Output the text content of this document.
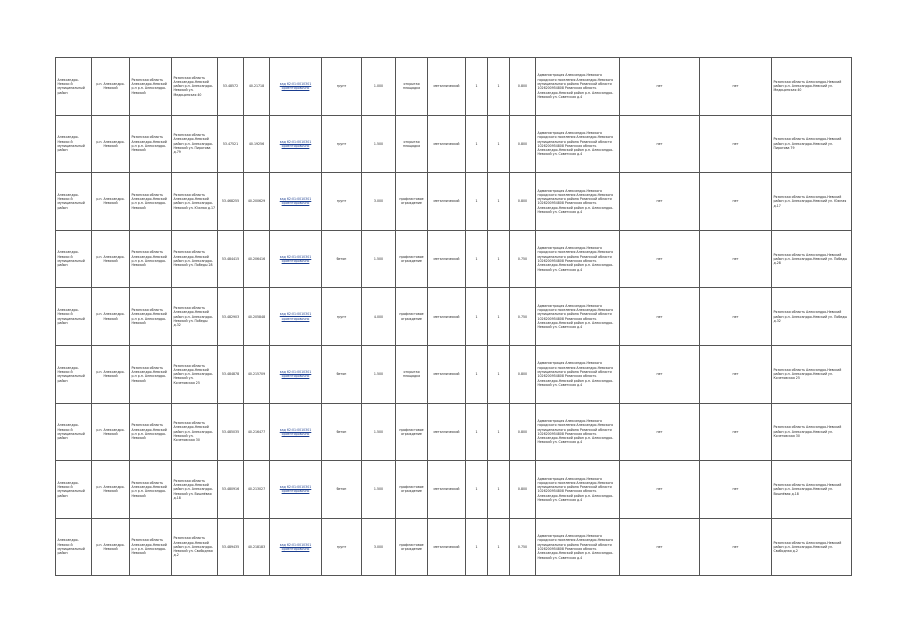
Александро-Невски й муниципальный район	р.п. Александро-Невский	Рязанская область Александро-Невский р-н р.п. Александро-Невский	Рязанская область Александро-Невский район р.п. Александро-Невский ул. Медицинская 40	53.48572	40.21718	кад 62:01:0010301 ориентировочно	грунт	1.000	открытая площадка	металлический	1	1	0.800	Администрация Александро-Невского городского поселения Александро-Невского муниципального района Рязанской области 1026200954808 Рязанская область Александро-Невский район р.п. Александро-Невский ул. Советская д.4	нет	нет	Рязанская область Александро-Невский район р.п. Александро-Невский ул. Медицинская 40
Александро-Невски й муниципальный район	р.п. Александро-Невский	Рязанская область Александро-Невский р-н р.п. Александро-Невский	Рязанская область Александро-Невский район р.п. Александро-Невский ул. Пирогова д.79	53.47521	40.19256	кад 62:01:0010301 ориентировочно	грунт	1.500	открытая площадка	металлический	1	1	0.800	Администрация Александро-Невского городского поселения Александро-Невского муниципального района Рязанской области 1026200954808 Рязанская область Александро-Невский район р.п. Александро-Невский ул. Советская д.4	нет	нет	Рязанская область Александро-Невский район р.п. Александро-Невский ул. Пирогова 79
Александро-Невски й муниципальный район	р.п. Александро-Невский	Рязанская область Александро-Невский р-н р.п. Александро-Невский	Рязанская область Александро-Невский район р.п. Александро-Невский ул. Южная д.17	53.468255	40.200629	кад 62:01:0010301 ориентировочно	грунт	3.000	профлистовое ограждение	металлический	1	1	0.800	Администрация Александро-Невского городского поселения Александро-Невского муниципального района Рязанской области 1026200954808 Рязанская область Александро-Невский район р.п. Александро-Невский ул. Советская д.4	нет	нет	Рязанская область Александро-Невский район р.п. Александро-Невский ул. Южная д.17
Александро-Невски й муниципальный район	р.п. Александро-Невский	Рязанская область Александро-Невский р-н р.п. Александро-Невский	Рязанская область Александро-Невский район р.п. Александро-Невский ул. Победы 28	53.484415	40.206416	кад 62:01:0010301 ориентировочно	бетон	1.500	профлистовое ограждение	металлический	1	1	0.750	Администрация Александро-Невского городского поселения Александро-Невского муниципального района Рязанской области 1026200954808 Рязанская область Александро-Невский район р.п. Александро-Невский ул. Советская д.4	нет	нет	Рязанская область Александро-Невский район р.п. Александро-Невский ул. Победы д.28
Александро-Невски й муниципальный район	р.п. Александро-Невский	Рязанская область Александро-Невский р-н р.п. Александро-Невский	Рязанская область Александро-Невский район р.п. Александро-Невский ул. Победы д.32	53.482903	40.205848	кад 62:01:0010301 ориентировочно	грунт	4.000	профлистовое ограждение	металлический	1	1	0.750	Администрация Александро-Невского городского поселения Александро-Невского муниципального района Рязанской области 1026200954808 Рязанская область Александро-Невский район р.п. Александро-Невский ул. Советская д.4	нет	нет	Рязанская область Александро-Невский район р.п. Александро-Невский ул. Победы д.32
Александро-Невски й муниципальный район	р.п. Александро-Невский	Рязанская область Александро-Невский р-н р.п. Александро-Невский	Рязанская область Александро-Невский район р.п. Александро-Невский ул. Кочетовская 25	53.484878	40.215709	кад 62:01:0010301 ориентировочно	бетон	1.500	открытая площадка	металлический	1	1	0.800	Администрация Александро-Невского городского поселения Александро-Невского муниципального района Рязанской области 1026200954808 Рязанская область Александро-Невский район р.п. Александро-Невский ул. Советская д.4	нет	нет	Рязанская область Александро-Невский район р.п. Александро-Невский ул. Кочетовская 25
Александро-Невски й муниципальный район	р.п. Александро-Невский	Рязанская область Александро-Невский р-н р.п. Александро-Невский	Рязанская область Александро-Невский район р.п. Александро-Невский ул. Кочетовская 30	53.485035	40.216477	кад 62:01:0010301 ориентировочно	бетон	1.500	профлистовое ограждение	металлический	1	1	0.800	Администрация Александро-Невского городского поселения Александро-Невского муниципального района Рязанской области 1026200954808 Рязанская область Александро-Невский район р.п. Александро-Невский ул. Советская д.4	нет	нет	Рязанская область Александро-Невский район р.п. Александро-Невский ул. Кочетовская 30
Александро-Невски й муниципальный район	р.п. Александро-Невский	Рязанская область Александро-Невский р-н р.п. Александро-Невский	Рязанская область Александро-Невский район р.п. Александро-Невский ул. Вишнёвая д.18	53.480916	40.213027	кад 62:01:0010301 ориентировочно	бетон	1.500	профлистовое ограждение	металлический	1	1	0.800	Администрация Александро-Невского городского поселения Александро-Невского муниципального района Рязанской области 1026200954808 Рязанская область Александро-Невский район р.п. Александро-Невский ул. Советская д.4	нет	нет	Рязанская область Александро-Невский район р.п. Александро-Невский ул. Вишнёвая д.18
Александро-Невски й муниципальный район	р.п. Александро-Невский	Рязанская область Александро-Невский р-н р.п. Александро-Невский	Рязанская область Александро-Невский район р.п. Александро-Невский ул. Свободная д.2	53.489435	40.218183	кад 62:01:0010301 ориентировочно	грунт	3.000	профлистовое ограждение	металлический	1	1	0.750	Администрация Александро-Невского городского поселения Александро-Невского муниципального района Рязанской области 1026200954808 Рязанская область Александро-Невский район р.п. Александро-Невский ул. Советская д.4	нет	нет	Рязанская область Александро-Невский район р.п. Александро-Невский ул. Свободная д.2
